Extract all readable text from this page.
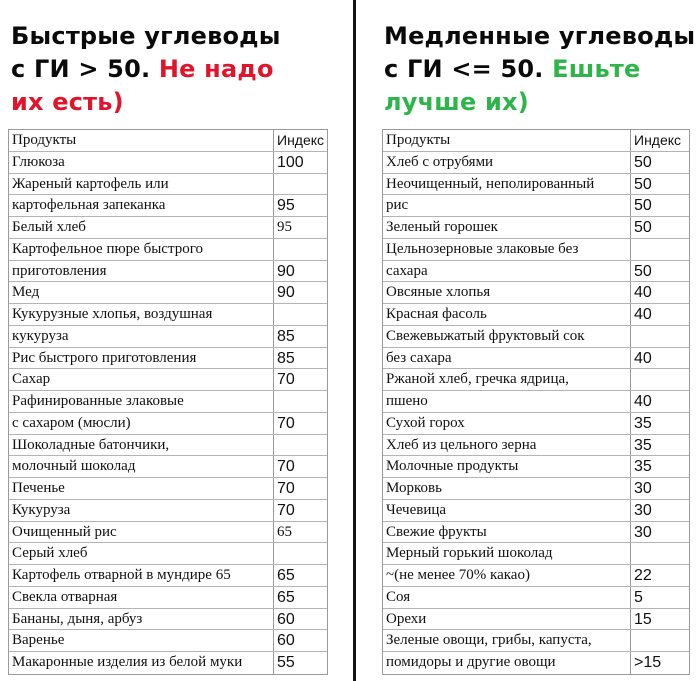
Быстрые углеводы
с ГИ > 50. Не надо
их есть)
Медленные углеводы
с ГИ <= 50. Ешьте
лучше их)
Продукты	Индекс
Глюкоза	100
Жареный картофель или
картофельная запеканка	95
Белый хлеб	95
Картофельное пюре быстрого
приготовления	90
Мед	90
Кукурузные хлопья, воздушная
кукуруза	85
Рис быстрого приготовления	85
Сахар	70
Рафинированные злаковые
с сахаром (мюсли)	70
Шоколадные батончики,
молочный шоколад	70
Печенье	70
Кукуруза	70
Очищенный рис	65
Серый хлеб
Картофель отварной в мундире 65	65
Свекла отварная	65
Бананы, дыня, арбуз	60
Варенье	60
Макаронные изделия из белой муки	55
Продукты	Индекс
Хлеб с отрубями	50
Неочищенный, неполированный	50
рис	50
Зеленый горошек	50
Цельнозерновые злаковые без
сахара	50
Овсяные хлопья	40
Красная фасоль	40
Свежевыжатый фруктовый сок
без сахара	40
Ржаной хлеб, гречка ядрица,
пшено	40
Сухой горох	35
Хлеб из цельного зерна	35
Молочные продукты	35
Морковь	30
Чечевица	30
Свежие фрукты	30
Мерный горький шоколад
~(не менее 70% какао)	22
Соя	5
Орехи	15
Зеленые овощи, грибы, капуста,
помидоры и другие овощи	>15
